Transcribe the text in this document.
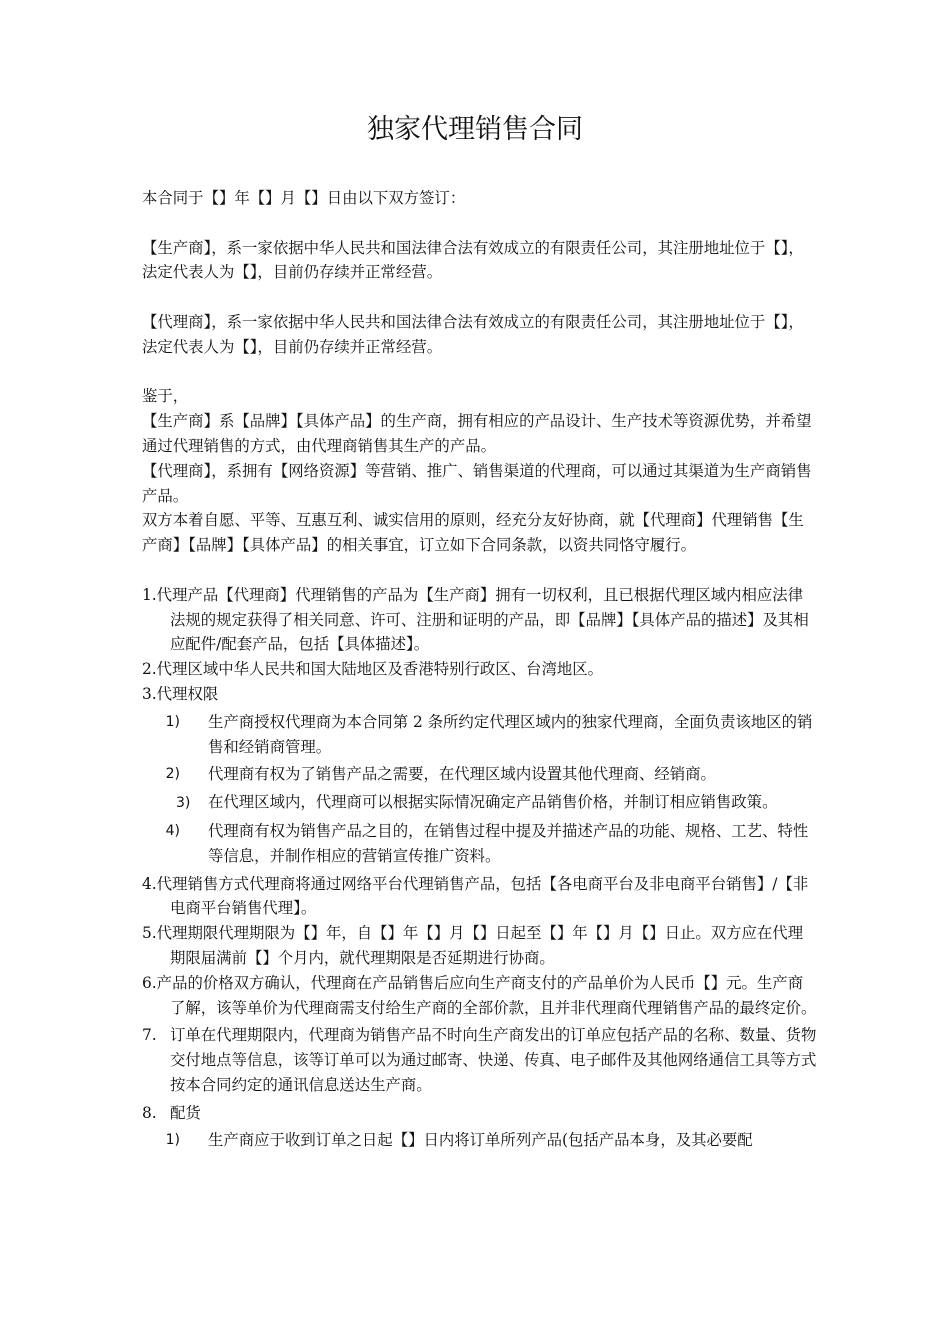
独家代理销售合同

本合同于【】年【】月【】日由以下双方签订：

【生产商】，系一家依据中华人民共和国法律合法有效成立的有限责任公司，其注册地址位于【】，法定代表人为【】，目前仍存续并正常经营。

【代理商】，系一家依据中华人民共和国法律合法有效成立的有限责任公司，其注册地址位于【】，法定代表人为【】，目前仍存续并正常经营。

鉴于，

【生产商】系【品牌】【具体产品】的生产商，拥有相应的产品设计、生产技术等资源优势，并希望通过代理销售的方式，由代理商销售其生产的产品。

【代理商】，系拥有【网络资源】等营销、推广、销售渠道的代理商，可以通过其渠道为生产商销售产品。

双方本着自愿、平等、互惠互利、诚实信用的原则，经充分友好协商，就【代理商】代理销售【生产商】【品牌】【具体产品】的相关事宜，订立如下合同条款，以资共同恪守履行。

1.代理产品【代理商】代理销售的产品为【生产商】拥有一切权利，且已根据代理区域内相应法律法规的规定获得了相关同意、许可、注册和证明的产品，即【品牌】【具体产品的描述】及其相应配件/配套产品，包括【具体描述】。

2.代理区域中华人民共和国大陆地区及香港特别行政区、台湾地区。

3.代理权限

1)	生产商授权代理商为本合同第 2 条所约定代理区域内的独家代理商，全面负责该地区的销售和经销商管理。
2)	代理商有权为了销售产品之需要，在代理区域内设置其他代理商、经销商。

3) 在代理区域内，代理商可以根据实际情况确定产品销售价格，并制订相应销售政策。

4)	代理商有权为销售产品之目的，在销售过程中提及并描述产品的功能、规格、工艺、特性等信息，并制作相应的营销宣传推广资料。

4.代理销售方式代理商将通过网络平台代理销售产品，包括【各电商平台及非电商平台销售】/【非电商平台销售代理】。

5.代理期限代理期限为【】年，自【】年【】月【】日起至【】年【】月【】日止。双方应在代理期限届满前【】个月内，就代理期限是否延期进行协商。

6.产品的价格双方确认，代理商在产品销售后应向生产商支付的产品单价为人民币【】元。生产商了解，该等单价为代理商需支付给生产商的全部价款，且并非代理商代理销售产品的最终定价。

7. 订单在代理期限内，代理商为销售产品不时向生产商发出的订单应包括产品的名称、数量、货物交付地点等信息，该等订单可以为通过邮寄、快递、传真、电子邮件及其他网络通信工具等方式按本合同约定的通讯信息送达生产商。
8. 配货
1)	生产商应于收到订单之日起【】日内将订单所列产品(包括产品本身，及其必要配
